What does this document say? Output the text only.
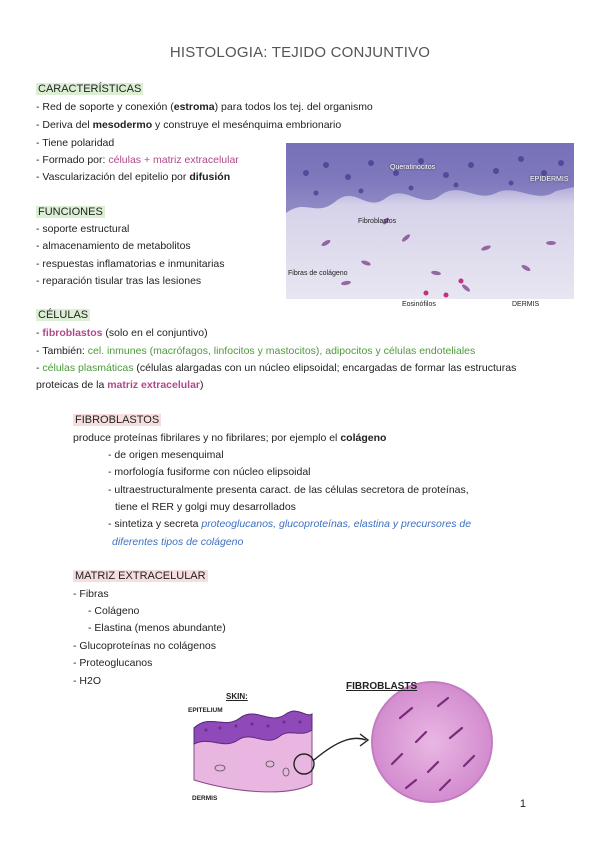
HISTOLOGIA: TEJIDO CONJUNTIVO
CARACTERÍSTICAS
- Red de soporte y conexión (estroma) para todos los tej. del organismo
- Deriva del mesodermo y construye el mesénquima embrionario
- Tiene polaridad
- Formado por: células + matriz extracelular
- Vascularización del epitelio por difusión
FUNCIONES
- soporte estructural
- almacenamiento de metabolitos
- respuestas inflamatorias e inmunitarias
- reparación tisular tras las lesiones
Queratinocitos
EPIDERMIS
Fibroblastos
Fibras de colágeno
Eosinófilos	DERMIS
CÉLULAS
- fibroblastos (solo en el conjuntivo)
- También: cel. inmunes (macrófagos, linfocitos y mastocitos), adipocitos y células endoteliales
- células plasmáticas (células alargadas con un núcleo elipsoidal; encargadas de formar las estructuras
proteicas de la matriz extracelular)
FIBROBLASTOS
produce proteínas fibrilares y no fibrilares; por ejemplo el colágeno
- de origen mesenquimal
- morfología fusiforme con núcleo elipsoidal
- ultraestructuralmente presenta caract. de las células secretora de proteínas,
tiene el RER y golgi muy desarrollados
- sintetiza y secreta proteoglucanos, glucoproteínas, elastina y precursores de
diferentes tipos de colágeno
MATRIZ EXTRACELULAR
- Fibras
- Colágeno
- Elastina (menos abundante)
- Glucoproteínas no colágenos
- Proteoglucanos
- H2O
SKIN:
EPITELIUM
DERMIS
FIBROBLASTS
1
